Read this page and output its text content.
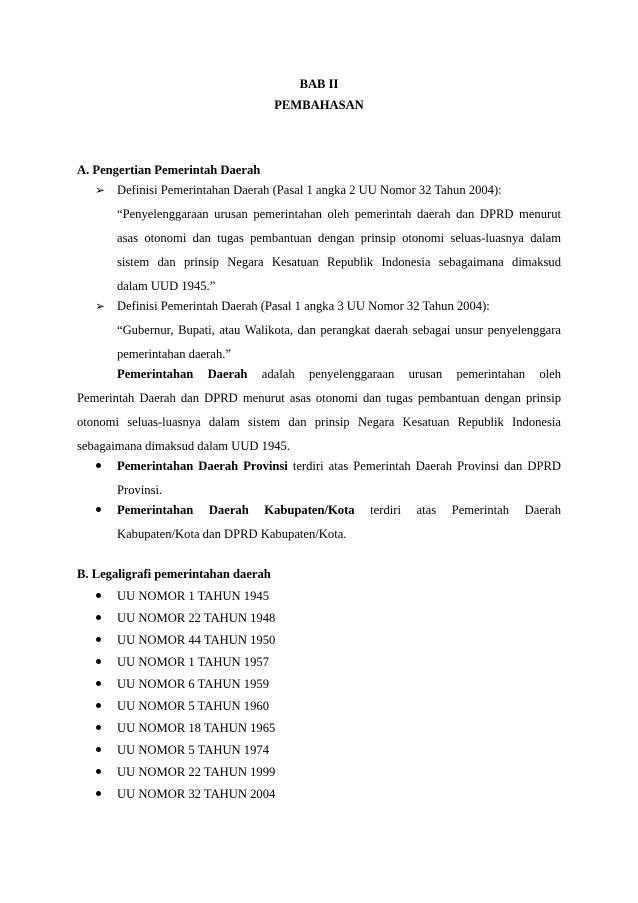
BAB II
PEMBAHASAN
A. Pengertian Pemerintah Daerah
➢ Definisi Pemerintahan Daerah (Pasal 1 angka 2 UU Nomor 32 Tahun 2004):
“Penyelenggaraan urusan pemerintahan oleh pemerintah daerah dan DPRD menurut
asas otonomi dan tugas pembantuan dengan prinsip otonomi seluas-luasnya dalam
sistem dan prinsip Negara Kesatuan Republik Indonesia sebagaimana dimaksud
dalam UUD 1945.”
➢ Definisi Pemerintah Daerah (Pasal 1 angka 3 UU Nomor 32 Tahun 2004):
“Gubernur, Bupati, atau Walikota, dan perangkat daerah sebagai unsur penyelenggara
pemerintahan daerah.”
Pemerintahan Daerah adalah penyelenggaraan urusan pemerintahan oleh
Pemerintah Daerah dan DPRD menurut asas otonomi dan tugas pembantuan dengan prinsip
otonomi seluas-luasnya dalam sistem dan prinsip Negara Kesatuan Republik Indonesia
sebagaimana dimaksud dalam UUD 1945.
Pemerintahan Daerah Provinsi terdiri atas Pemerintah Daerah Provinsi dan DPRD
Provinsi.
Pemerintahan Daerah Kabupaten/Kota terdiri atas Pemerintah Daerah
Kabupaten/Kota dan DPRD Kabupaten/Kota.
B. Legaligrafi pemerintahan daerah
UU NOMOR 1 TAHUN 1945
UU NOMOR 22 TAHUN 1948
UU NOMOR 44 TAHUN 1950
UU NOMOR 1 TAHUN 1957
UU NOMOR 6 TAHUN 1959
UU NOMOR 5 TAHUN 1960
UU NOMOR 18 TAHUN 1965
UU NOMOR 5 TAHUN 1974
UU NOMOR 22 TAHUN 1999
UU NOMOR 32 TAHUN 2004
